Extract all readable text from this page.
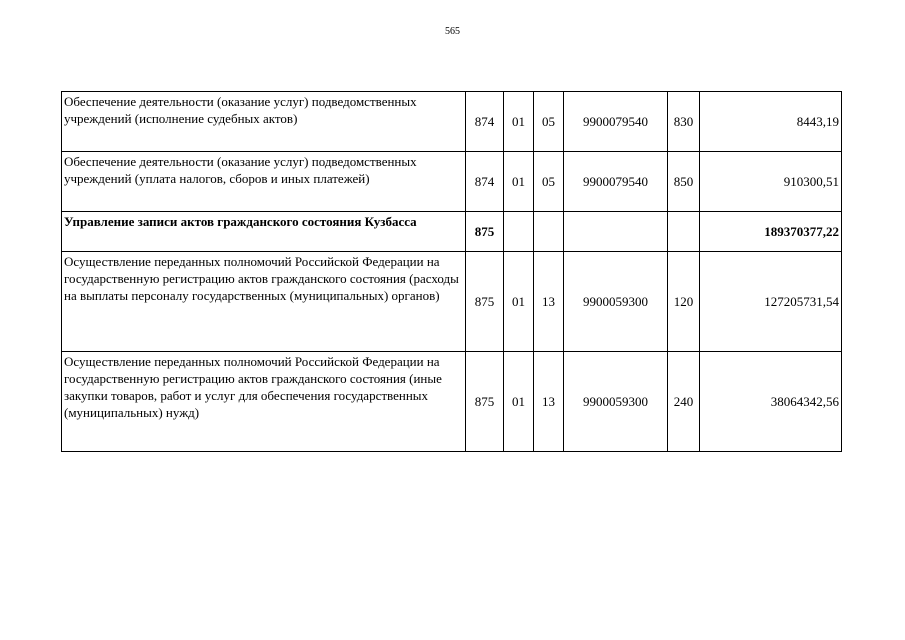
565
Обеспечение деятельности (оказание услуг) подведомственных учреждений (исполнение судебных актов)	874	01	05	9900079540	830	8443,19
Обеспечение деятельности (оказание услуг) подведомственных учреждений (уплата налогов, сборов и иных платежей)	874	01	05	9900079540	850	910300,51
Управление записи актов гражданского состояния Кузбасса	875					189370377,22
Осуществление переданных полномочий Российской Федерации на государственную регистрацию актов гражданского состояния (расходы на выплаты персоналу государственных (муниципальных) органов)	875	01	13	9900059300	120	127205731,54
Осуществление переданных полномочий Российской Федерации на государственную регистрацию актов гражданского состояния (иные закупки товаров, работ и услуг для обеспечения государственных (муниципальных) нужд)	875	01	13	9900059300	240	38064342,56
